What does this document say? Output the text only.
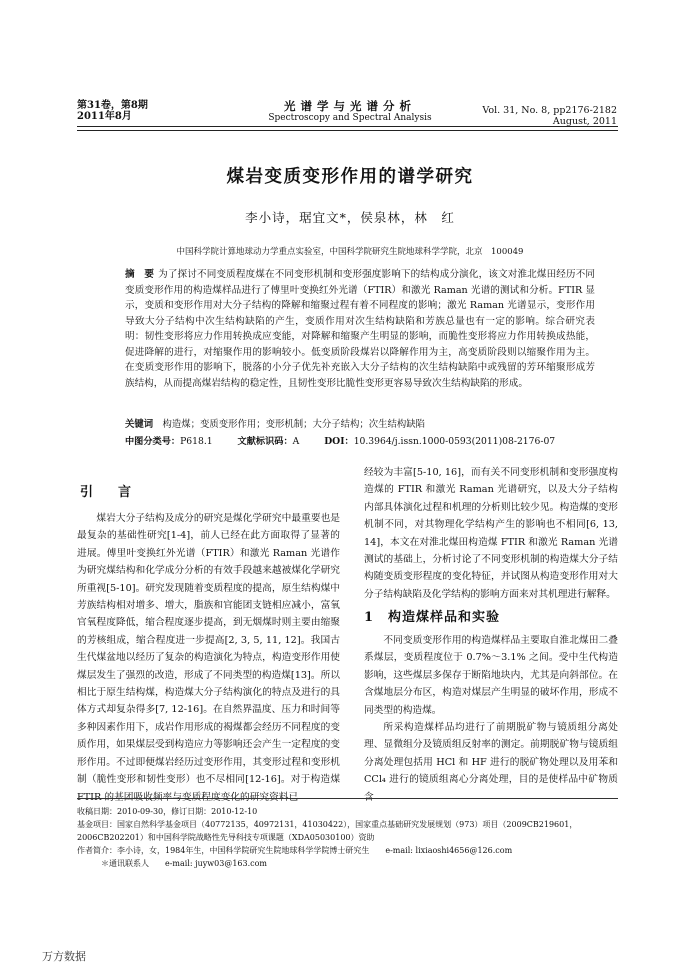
第31卷，第8期
2011年8月
光谱学与光谱分析
Spectroscopy and Spectral Analysis
Vol. 31, No. 8, pp2176-2182
August, 2011
煤岩变质变形作用的谱学研究
李小诗，琚宜文*，侯泉林，林　红
中国科学院计算地球动力学重点实验室，中国科学院研究生院地球科学学院，北京　100049
摘　要 为了探讨不同变质程度煤在不同变形机制和变形强度影响下的结构成分演化，该文对淮北煤田经历不同变质变形作用的构造煤样品进行了傅里叶变换红外光谱（FTIR）和激光 Raman 光谱的测试和分析。FTIR 显示，变质和变形作用对大分子结构的降解和缩聚过程有着不同程度的影响；激光 Raman 光谱显示，变形作用导致大分子结构中次生结构缺陷的产生，变质作用对次生结构缺陷和芳族总量也有一定的影响。综合研究表明：韧性变形将应力作用转换成应变能，对降解和缩聚产生明显的影响，而脆性变形将应力作用转换成热能，促进降解的进行，对缩聚作用的影响较小。低变质阶段煤岩以降解作用为主，高变质阶段则以缩聚作用为主。在变质变形作用的影响下，脱落的小分子优先补充嵌入大分子结构的次生结构缺陷中或残留的芳环缩聚形成芳族结构，从而提高煤岩结构的稳定性，且韧性变形比脆性变形更容易导致次生结构缺陷的形成。
关键词　 构造煤；变质变形作用；变形机制；大分子结构；次生结构缺陷
中图分类号：P618.1	文献标识码：A	DOI：10.3964/j.issn.1000-0593(2011)08-2176-07
引　言

煤岩大分子结构及成分的研究是煤化学研究中最重要也是最复杂的基础性研究[1-4]，前人已经在此方面取得了显著的进展。傅里叶变换红外光谱（FTIR）和激光 Raman 光谱作为研究煤结构和化学成分分析的有效手段越来越被煤化学研究所重视[5-10]。研究发现随着变质程度的提高，原生结构煤中芳族结构相对增多、增大，脂族和官能团支链相应减小，富氧官氧程度降低，缩合程度逐步提高，到无烟煤时则主要由缩聚的芳核组成，缩合程度进一步提高[2, 3, 5, 11, 12]。我国古生代煤盆地以经历了复杂的构造演化为特点，构造变形作用使煤层发生了强烈的改造，形成了不同类型的构造煤[13]。所以相比于原生结构煤，构造煤大分子结构演化的特点及进行的具体方式却复杂得多[7, 12-16]。在自然界温度、压力和时间等多种因素作用下，成岩作用形成的褐煤都会经历不同程度的变质作用，如果煤层受到构造应力等影响还会产生一定程度的变形作用。不过即便煤岩经历过变形作用，其变形过程和变形机制（脆性变形和韧性变形）也不尽相同[12-16]。对于构造煤 FTIR 的基团吸收频率与变质程度变化的研究资料已

经较为丰富[5-10, 16]，而有关不同变形机制和变形强度构造煤的 FTIR 和激光 Raman 光谱研究，以及大分子结构内部具体演化过程和机理的分析则比较少见。构造煤的变形机制不同，对其物理化学结构产生的影响也不相同[6, 13, 14]，本文在对淮北煤田构造煤 FTIR 和激光 Raman 光谱测试的基础上，分析讨论了不同变形机制的构造煤大分子结构随变质变形程度的变化特征，并试图从构造变形作用对大分子结构缺陷及化学结构的影响方面来对其机理进行解释。

1　构造煤样品和实验

不同变质变形作用的构造煤样品主要取自淮北煤田二叠系煤层，变质程度位于 0.7%～3.1% 之间。受中生代构造影响，这些煤层多保存于断陷地块内，尤其是向斜部位。在含煤地层分布区，构造对煤层产生明显的破坏作用，形成不同类型的构造煤。

所采构造煤样品均进行了前期脱矿物与镜质组分离处理、显微组分及镜质组反射率的测定。前期脱矿物与镜质组分离处理包括用 HCl 和 HF 进行的脱矿物处理以及用苯和 CCl₄ 进行的镜质组离心分离处理，目的是使样品中矿物质含

收稿日期：2010-09-30，修订日期：2010-12-10
基金项目：国家自然科学基金项目（40772135，40972131，41030422），国家重点基础研究发展规划（973）项目（2009CB219601，2006CB202201）和中国科学院战略性先导科技专项课题（XDA05030100）资助
作者简介：李小诗，女，1984年生，中国科学院研究生院地球科学学院博士研究生　　e-mail: lixiaoshi4656@126.com
＊通讯联系人　　e-mail: juyw03@163.com
万方数据
